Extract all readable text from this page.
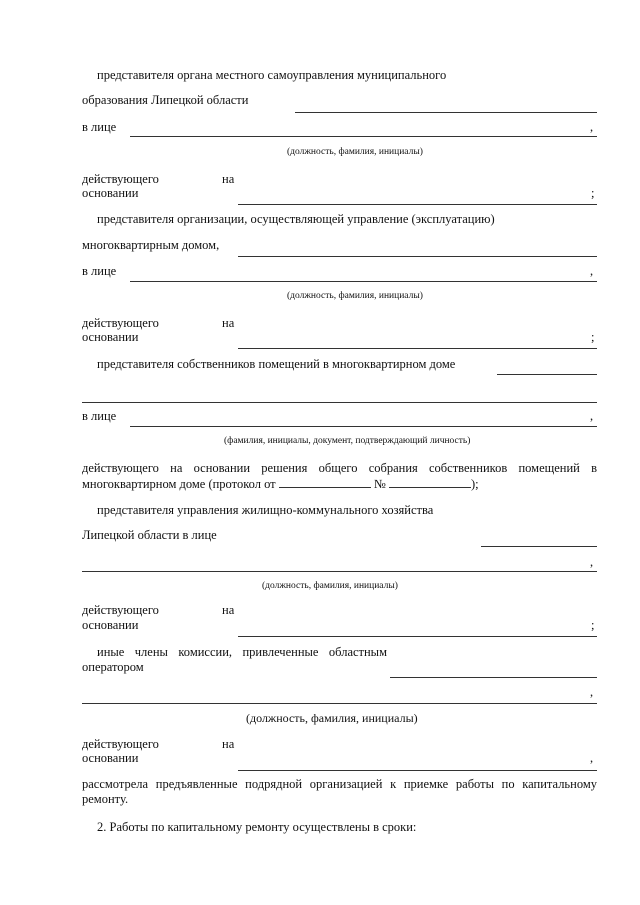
представителя органа местного самоуправления муниципального
образования Липецкой области
в лице	,
(должность, фамилия, инициалы)
действующего	на
основании	;
представителя организации, осуществляющей управление (эксплуатацию)
многоквартирным домом,
в лице	,
(должность, фамилия, инициалы)
действующего	на
основании	;
представителя собственников помещений в многоквартирном доме
в лице	,
(фамилия, инициалы, документ, подтверждающий личность)
действующего на основании решения общего собрания собственников помещений в
многоквартирном доме (протокол от	№	);
представителя управления жилищно-коммунального хозяйства
Липецкой области в лице
,
(должность, фамилия, инициалы)
действующего	на
основании	;
иные члены комиссии, привлеченные областным
оператором
,
(должность, фамилия, инициалы)
действующего	на
основании	,
рассмотрела предъявленные подрядной организацией к приемке работы по капитальному
ремонту.
2. Работы по капитальному ремонту осуществлены в сроки:
